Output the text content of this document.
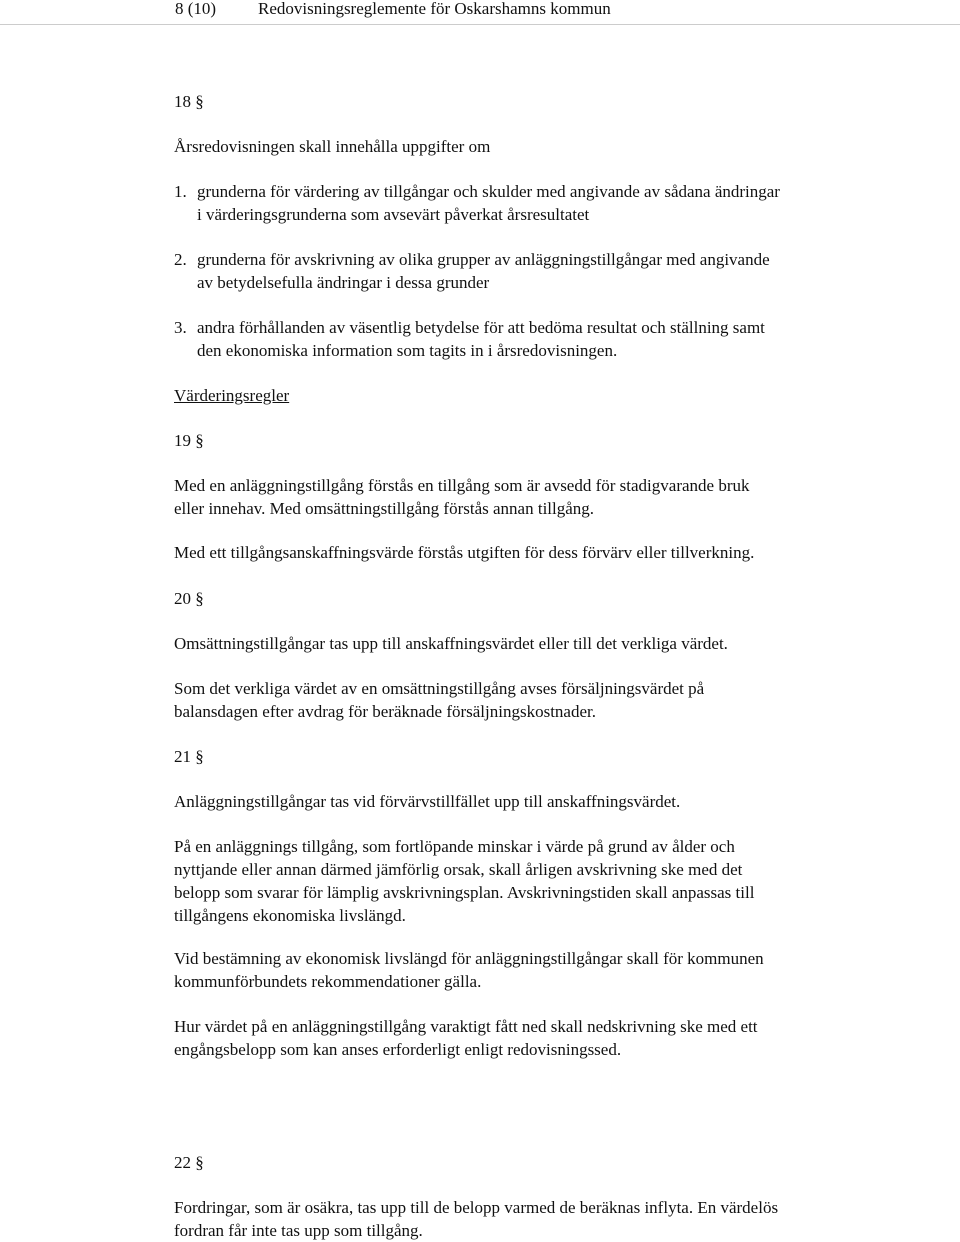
8 (10) Redovisningsreglemente för Oskarshamns kommun
18 §
Årsredovisningen skall innehålla uppgifter om
1. grunderna för värdering av tillgångar och skulder med angivande av sådana ändringar
i värderingsgrunderna som avsevärt påverkat årsresultatet
2. grunderna för avskrivning av olika grupper av anläggningstillgångar med angivande
av betydelsefulla ändringar i dessa grunder
3. andra förhållanden av väsentlig betydelse för att bedöma resultat och ställning samt
den ekonomiska information som tagits in i årsredovisningen.
Värderingsregler
19 §
Med en anläggningstillgång förstås en tillgång som är avsedd för stadigvarande bruk
eller innehav. Med omsättningstillgång förstås annan tillgång.
Med ett tillgångsanskaffningsvärde förstås utgiften för dess förvärv eller tillverkning.
20 §
Omsättningstillgångar tas upp till anskaffningsvärdet eller till det verkliga värdet.
Som det verkliga värdet av en omsättningstillgång avses försäljningsvärdet på
balansdagen efter avdrag för beräknade försäljningskostnader.
21 §
Anläggningstillgångar tas vid förvärvstillfället upp till anskaffningsvärdet.
På en anläggnings tillgång, som fortlöpande minskar i värde på grund av ålder och
nyttjande eller annan därmed jämförlig orsak, skall årligen avskrivning ske med det
belopp som svarar för lämplig avskrivningsplan. Avskrivningstiden skall anpassas till
tillgångens ekonomiska livslängd.
Vid bestämning av ekonomisk livslängd för anläggningstillgångar skall för kommunen
kommunförbundets rekommendationer gälla.
Hur värdet på en anläggningstillgång varaktigt fått ned skall nedskrivning ske med ett
engångsbelopp som kan anses erforderligt enligt redovisningssed.
22 §
Fordringar, som är osäkra, tas upp till de belopp varmed de beräknas inflyta. En värdelös
fordran får inte tas upp som tillgång.
